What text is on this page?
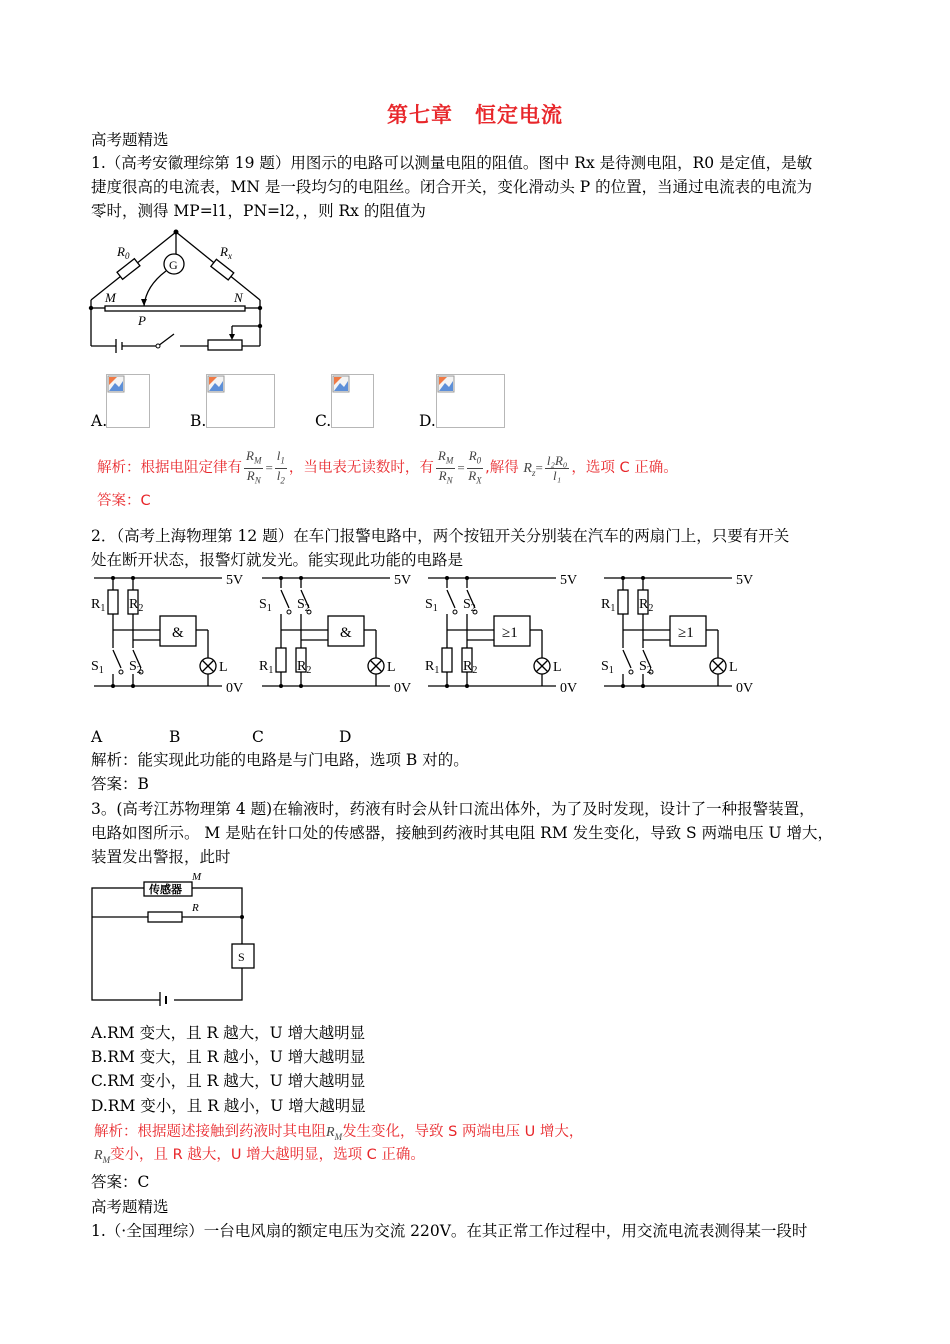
第七章　恒定电流
高考题精选
1.（高考安徽理综第 19 题）用图示的电路可以测量电阻的阻值。图中 Rx 是待测电阻，R0 是定值，是敏
捷度很高的电流表，MN 是一段均匀的电阻丝。闭合开关，变化滑动头 P 的位置，当通过电流表的电流为
零时，测得 MP=l1，PN=l2，，则 Rx 的阻值为
$R_0$	$R_x$
G
M	N
P
A.	B.	C.	D.
解析：根据电阻定律有 $\frac{R_M}{R_N} = \frac{l_1}{l_2}$ ，当电表无读数时，有 $\frac{R_M}{R_N} = \frac{R_0}{R_X}$ ,解得 $R_z= \frac{\text{l₂R₀}}{\text{l₁}}$ ，选项 C 正确。
答案：C
2．（高考上海物理第 12 题）在车门报警电路中，两个按钮开关分别装在汽车的两扇门上，只要有开关
处在断开状态，报警灯就发光。能实现此功能的电路是
5V
0V
$R_1$ $R_2$
$S_1$ $S_2$
&
L
5V
0V
$S_1$ $S_2$
$R_1$ $R_2$
&
L
5V
0V
$S_1$ $S_2$
$R_1$ $R_2$
≥1
L
5V
0V
$R_1$ $R_2$
$S_1$ $S_2$
≥1
L
A	B	C	D
解析：能实现此功能的电路是与门电路，选项 B 对的。
答案：B
3。(高考江苏物理第 4 题)在输液时，药液有时会从针口流出体外，为了及时发现，设计了一种报警装置，
电路如图所示。 M 是贴在针口处的传感器，接触到药液时其电阻 RM 发生变化，导致 S 两端电压 U 增大，
装置发出警报，此时
传感器
M
R
S
A.RM 变大，且 R 越大，U 增大越明显
B.RM 变大，且 R 越小，U 增大越明显
C.RM 变小，且 R 越大，U 增大越明显
D.RM 变小，且 R 越小，U 增大越明显
解析：根据题述接触到药液时其电阻$R_M$发生变化，导致 S 两端电压 U 增大，
$R_M$变小，且 R 越大，U 增大越明显，选项 C 正确。
答案：C
高考题精选
1.（·全国理综）一台电风扇的额定电压为交流 220V。在其正常工作过程中，用交流电流表测得某一段时
